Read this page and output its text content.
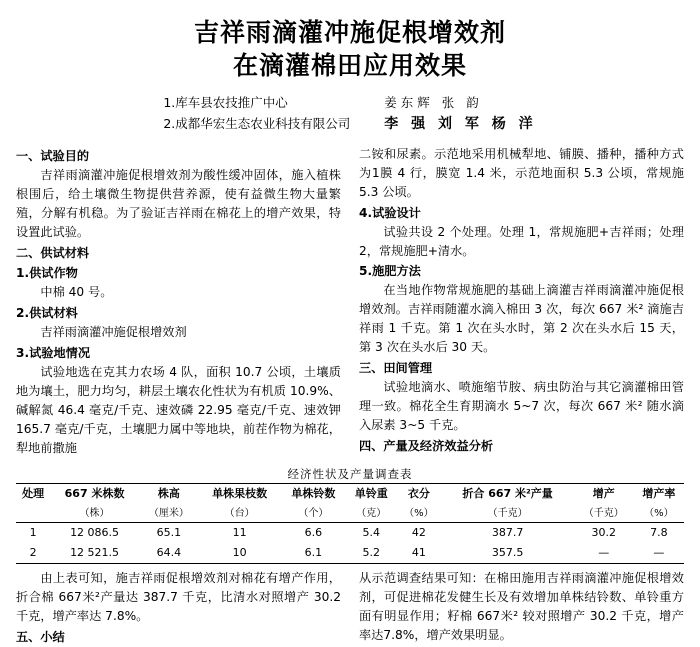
吉祥雨滴灌冲施促根增效剂
在滴灌棉田应用效果
1.库车县农技推广中心
2.成都华宏生态农业科技有限公司
姜东辉 张 韵
李 强 刘 军 杨 洋
一、试验目的
吉祥雨滴灌冲施促根增效剂为酸性缓冲固体，施入植株根围后，给土壤微生物提供营养源，使有益微生物大量繁殖，分解有机稳。为了验证吉祥雨在棉花上的增产效果，特设置此试验。
二、供试材料
1.供试作物
中棉 40 号。
2.供试材料
吉祥雨滴灌冲施促根增效剂
3.试验地情况
试验地选在克其力农场 4 队，面积 10.7 公顷，土壤质地为壤土，肥力均匀，耕层土壤农化性状为有机质 10.9%、碱解氮 46.4 毫克/千克、速效磷 22.95 毫克/千克、速效钾 165.7 毫克/千克，土壤肥力属中等地块，前茬作物为棉花，犁地前撒施
二铵和尿素。示范地采用机械犁地、铺膜、播种，播种方式为1膜 4 行，膜宽 1.4 米，示范地面积 5.3 公顷，常规施 5.3 公顷。
4.试验设计
试验共设 2 个处理。处理 1，常规施肥+吉祥雨；处理 2，常规施肥+清水。
5.施肥方法
在当地作物常规施肥的基础上滴灌吉祥雨滴灌冲施促根增效剂。吉祥雨随灌水滴入棉田 3 次，每次 667 米² 滴施吉祥雨 1 千克。第 1 次在头水时，第 2 次在头水后 15 天，第 3 次在头水后 30 天。
三、田间管理
试验地滴水、喷施缩节胺、病虫防治与其它滴灌棉田管理一致。棉花全生育期滴水 5~7 次，每次 667 米² 随水滴入尿素 3~5 千克。
四、产量及经济效益分析
经济性状及产量调查表
处理	667 米株数	株高	单株果枝数	单株铃数	单铃重	衣分	折合 667 米²产量	增产	增产率
	（株）	（厘米）	（台）	（个）	（克）	（%）	（千克）	（千克）	（%）
1	12 086.5	65.1	11	6.6	5.4	42	387.7	30.2	7.8
2	12 521.5	64.4	10	6.1	5.2	41	357.5	—	—
由上表可知，施吉祥雨促根增效剂对棉花有增产作用，折合棉 667米²产量达 387.7 千克，比清水对照增产 30.2 千克，增产率达 7.8%。
五、小结
从示范调查结果可知：在棉田施用吉祥雨滴灌冲施促根增效剂，可促进棉花发健生长及有效增加单株结铃数、单铃重方面有明显作用；籽棉 667米² 较对照增产 30.2 千克，增产率达7.8%，增产效果明显。
